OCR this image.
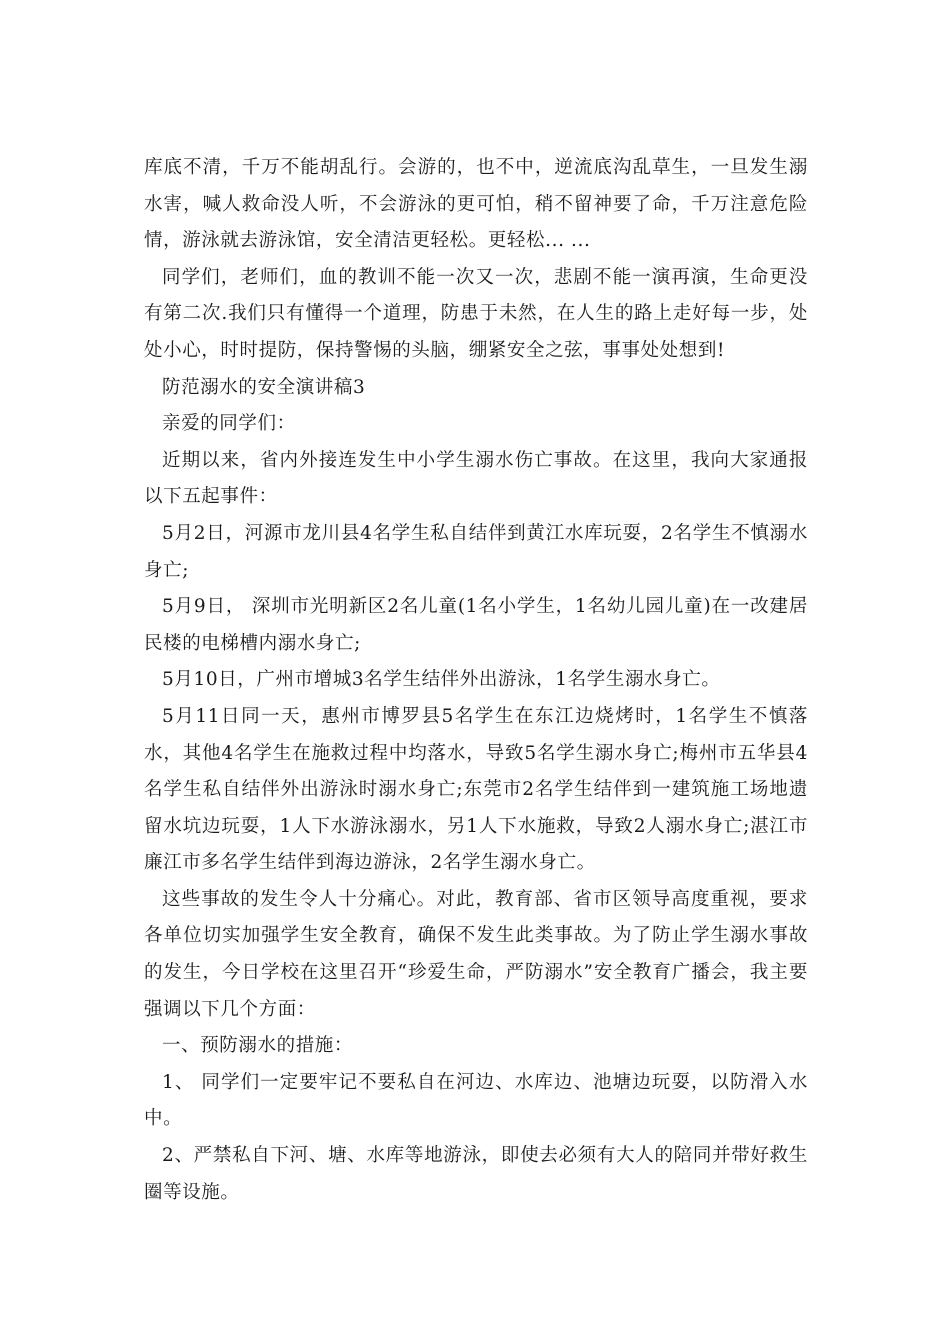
库底不清，千万不能胡乱行。会游的，也不中，逆流底沟乱草生，一旦发生溺水害，喊人救命没人听，不会游泳的更可怕，稍不留神要了命，千万注意危险情，游泳就去游泳馆，安全清洁更轻松。更轻松... ...

同学们，老师们，血的教训不能一次又一次，悲剧不能一演再演，生命更没有第二次.我们只有懂得一个道理，防患于未然，在人生的路上走好每一步，处处小心，时时提防，保持警惕的头脑，绷紧安全之弦，事事处处想到!

防范溺水的安全演讲稿3

亲爱的同学们：

近期以来，省内外接连发生中小学生溺水伤亡事故。在这里，我向大家通报以下五起事件：

5月2日，河源市龙川县4名学生私自结伴到黄江水库玩耍，2名学生不慎溺水身亡;

5月9日， 深圳市光明新区2名儿童(1名小学生，1名幼儿园儿童)在一改建居民楼的电梯槽内溺水身亡;

5月10日，广州市增城3名学生结伴外出游泳，1名学生溺水身亡。

5月11日同一天，惠州市博罗县5名学生在东江边烧烤时，1名学生不慎落水，其他4名学生在施救过程中均落水，导致5名学生溺水身亡;梅州市五华县4名学生私自结伴外出游泳时溺水身亡;东莞市2名学生结伴到一建筑施工场地遗留水坑边玩耍，1人下水游泳溺水，另1人下水施救，导致2人溺水身亡;湛江市廉江市多名学生结伴到海边游泳，2名学生溺水身亡。

这些事故的发生令人十分痛心。对此，教育部、省市区领导高度重视，要求各单位切实加强学生安全教育，确保不发生此类事故。为了防止学生溺水事故的发生，今日学校在这里召开“珍爱生命，严防溺水”安全教育广播会，我主要强调以下几个方面：

一、预防溺水的措施：

1、 同学们一定要牢记不要私自在河边、水库边、池塘边玩耍，以防滑入水中。

2、严禁私自下河、塘、水库等地游泳，即使去必须有大人的陪同并带好救生圈等设施。
